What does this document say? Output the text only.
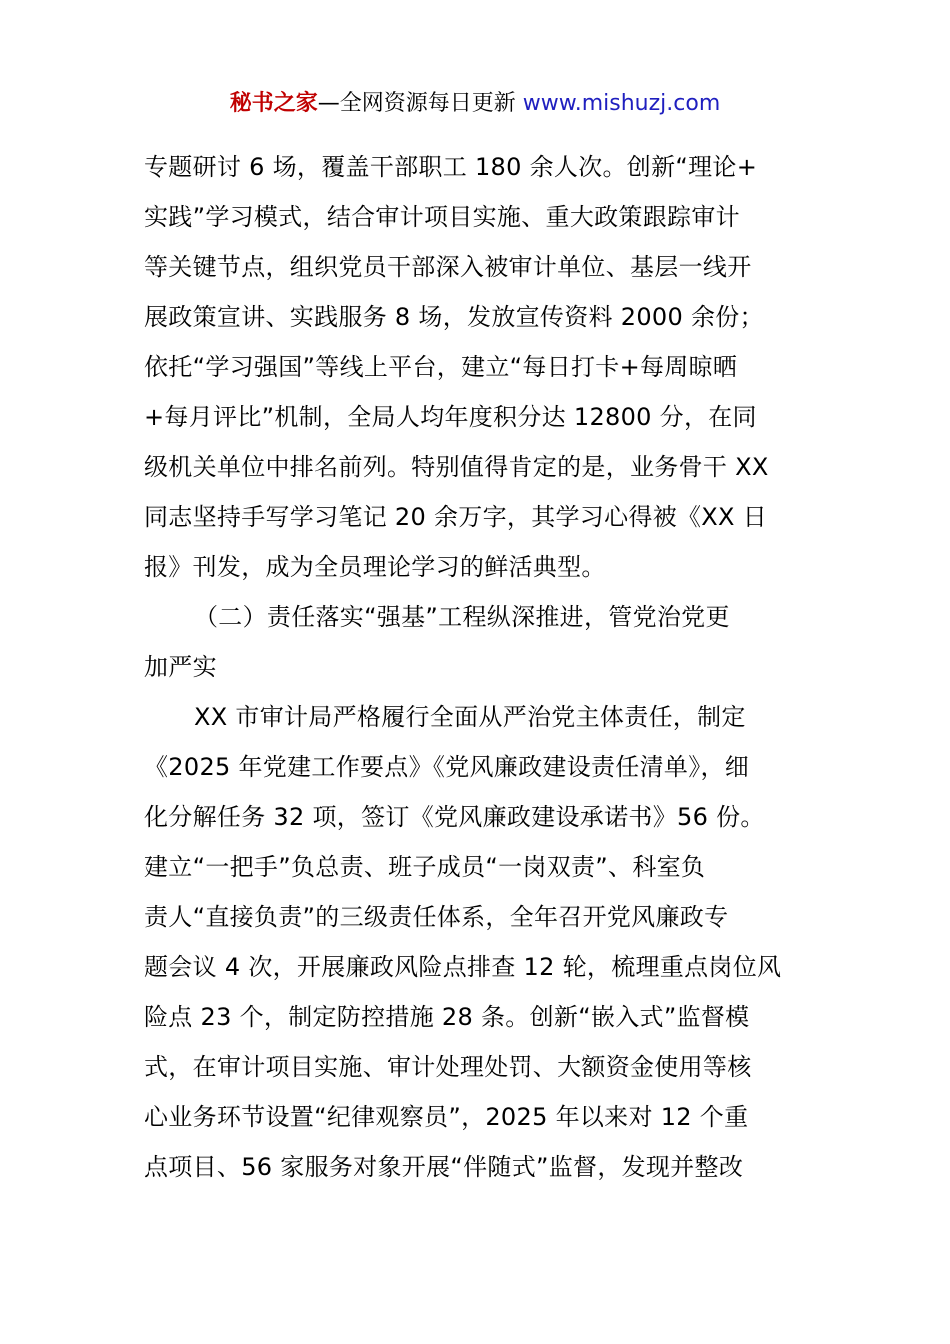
秘书之家—全网资源每日更新 www.mishuzj.com
专题研讨 6 场，覆盖干部职工 180 余人次。创新“理论+
实践”学习模式，结合审计项目实施、重大政策跟踪审计
等关键节点，组织党员干部深入被审计单位、基层一线开
展政策宣讲、实践服务 8 场，发放宣传资料 2000 余份；
依托“学习强国”等线上平台，建立“每日打卡+每周晾晒
+每月评比”机制，全局人均年度积分达 12800 分，在同
级机关单位中排名前列。特别值得肯定的是，业务骨干 XX
同志坚持手写学习笔记 20 余万字，其学习心得被《XX 日
报》刊发，成为全员理论学习的鲜活典型。
（二）责任落实“强基”工程纵深推进，管党治党更
加严实
XX 市审计局严格履行全面从严治党主体责任，制定
《2025 年党建工作要点》《党风廉政建设责任清单》，细
化分解任务 32 项，签订《党风廉政建设承诺书》56 份。
建立“一把手”负总责、班子成员“一岗双责”、科室负
责人“直接负责”的三级责任体系，全年召开党风廉政专
题会议 4 次，开展廉政风险点排查 12 轮，梳理重点岗位风
险点 23 个，制定防控措施 28 条。创新“嵌入式”监督模
式，在审计项目实施、审计处理处罚、大额资金使用等核
心业务环节设置“纪律观察员”，2025 年以来对 12 个重
点项目、56 家服务对象开展“伴随式”监督，发现并整改
